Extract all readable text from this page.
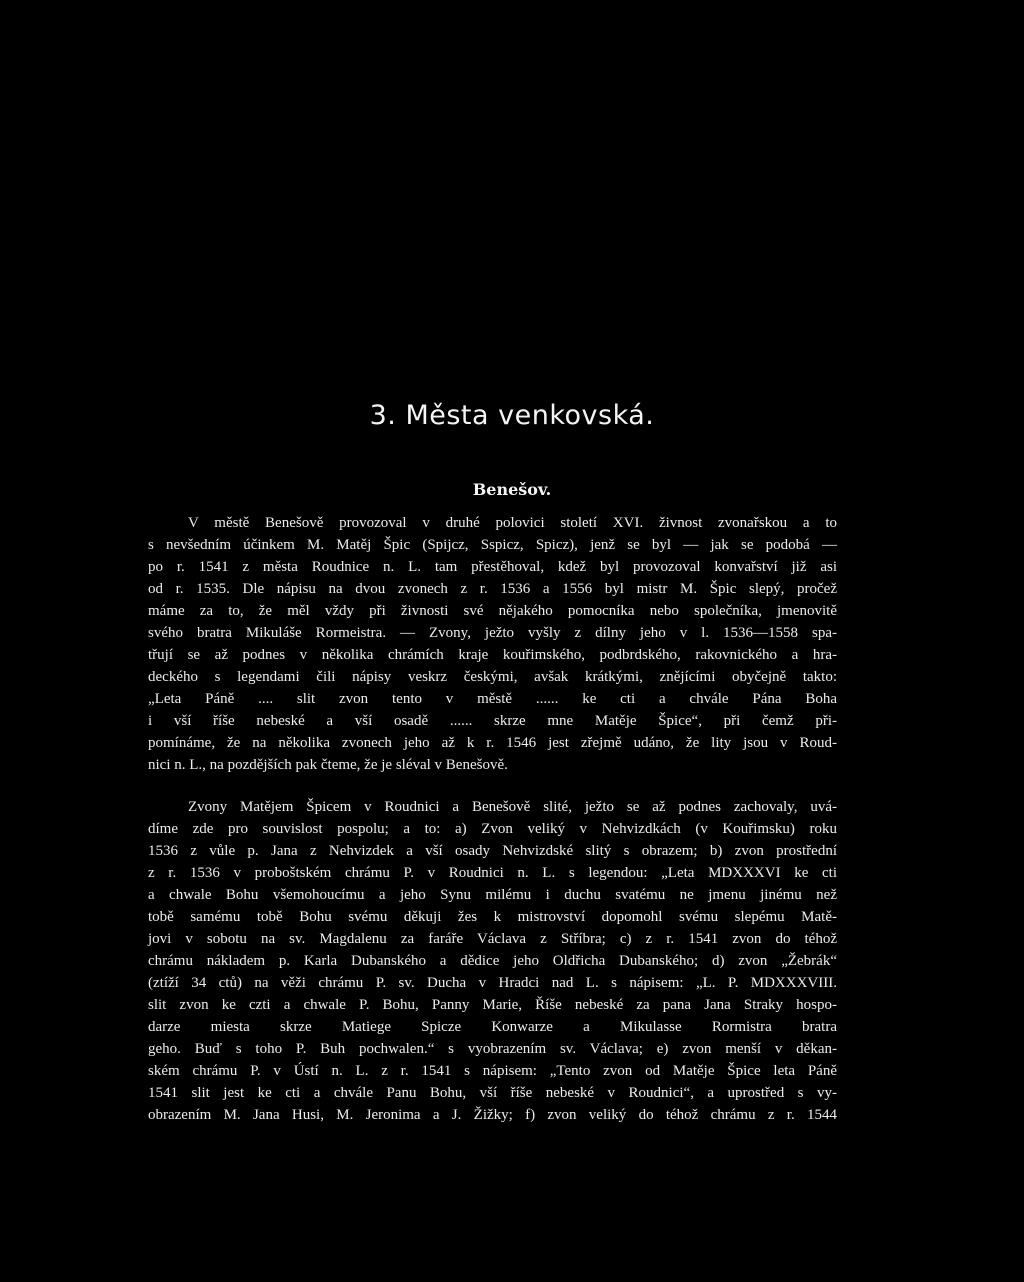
3. Města venkovská.
Benešov.
V městě Benešově provozoval v druhé polovici století XVI. živnost zvonařskou a to
s nevšedním účinkem M. Matěj Špic (Spijcz, Sspicz, Spicz), jenž se byl — jak se podobá —
po r. 1541 z města Roudnice n. L. tam přestěhoval, kdež byl provozoval konvařství již asi
od r. 1535. Dle nápisu na dvou zvonech z r. 1536 a 1556 byl mistr M. Špic slepý, pročež
máme za to, že měl vždy při živnosti své nějakého pomocníka nebo společníka, jmenovitě
svého bratra Mikuláše Rormeistra. — Zvony, ježto vyšly z dílny jeho v l. 1536—1558 spa-
třují se až podnes v několika chrámích kraje kouřimského, podbrdského, rakovnického a hra-
deckého s legendami čili nápisy veskrz českými, avšak krátkými, znějícími obyčejně takto:
„Leta Páně .... slit zvon tento v městě ...... ke cti a chvále Pána Boha
i vší říše nebeské a vší osadě ...... skrze mne Matěje Špice“, při čemž při-
pomínáme, že na několika zvonech jeho až k r. 1546 jest zřejmě udáno, že lity jsou v Roud-
nici n. L., na pozdějších pak čteme, že je sléval v Benešově.
Zvony Matějem Špicem v Roudnici a Benešově slité, ježto se až podnes zachovaly, uvá-
díme zde pro souvislost pospolu; a to: a) Zvon veliký v Nehvizdkách (v Kouřimsku) roku
1536 z vůle p. Jana z Nehvizdek a vší osady Nehvizdské slitý s obrazem; b) zvon prostřední
z r. 1536 v proboštském chrámu P. v Roudnici n. L. s legendou: „Leta MDXXXVI ke cti
a chwale Bohu všemohoucímu a jeho Synu milému i duchu svatému ne jmenu jinému než
tobě samému tobě Bohu svému děkuji žes k mistrovství dopomohl svému slepému Matě-
jovi v sobotu na sv. Magdalenu za faráře Václava z Stříbra; c) z r. 1541 zvon do téhož
chrámu nákladem p. Karla Dubanského a dědice jeho Oldřicha Dubanského; d) zvon „Žebrák“
(ztíží 34 ctů) na věži chrámu P. sv. Ducha v Hradci nad L. s nápisem: „L. P. MDXXXVIII.
slit zvon ke czti a chwale P. Bohu, Panny Marie, Říše nebeské za pana Jana Straky hospo-
darze miesta skrze Matiege Spicze Konwarze a Mikulasse Rormistra bratra
geho. Buď s toho P. Buh pochwalen.“ s vyobrazením sv. Václava; e) zvon menší v děkan-
ském chrámu P. v Ústí n. L. z r. 1541 s nápisem: „Tento zvon od Matěje Špice leta Páně
1541 slit jest ke cti a chvále Panu Bohu, vší říše nebeské v Roudnici“, a uprostřed s vy-
obrazením M. Jana Husi, M. Jeronima a J. Žižky; f) zvon veliký do téhož chrámu z r. 1544
